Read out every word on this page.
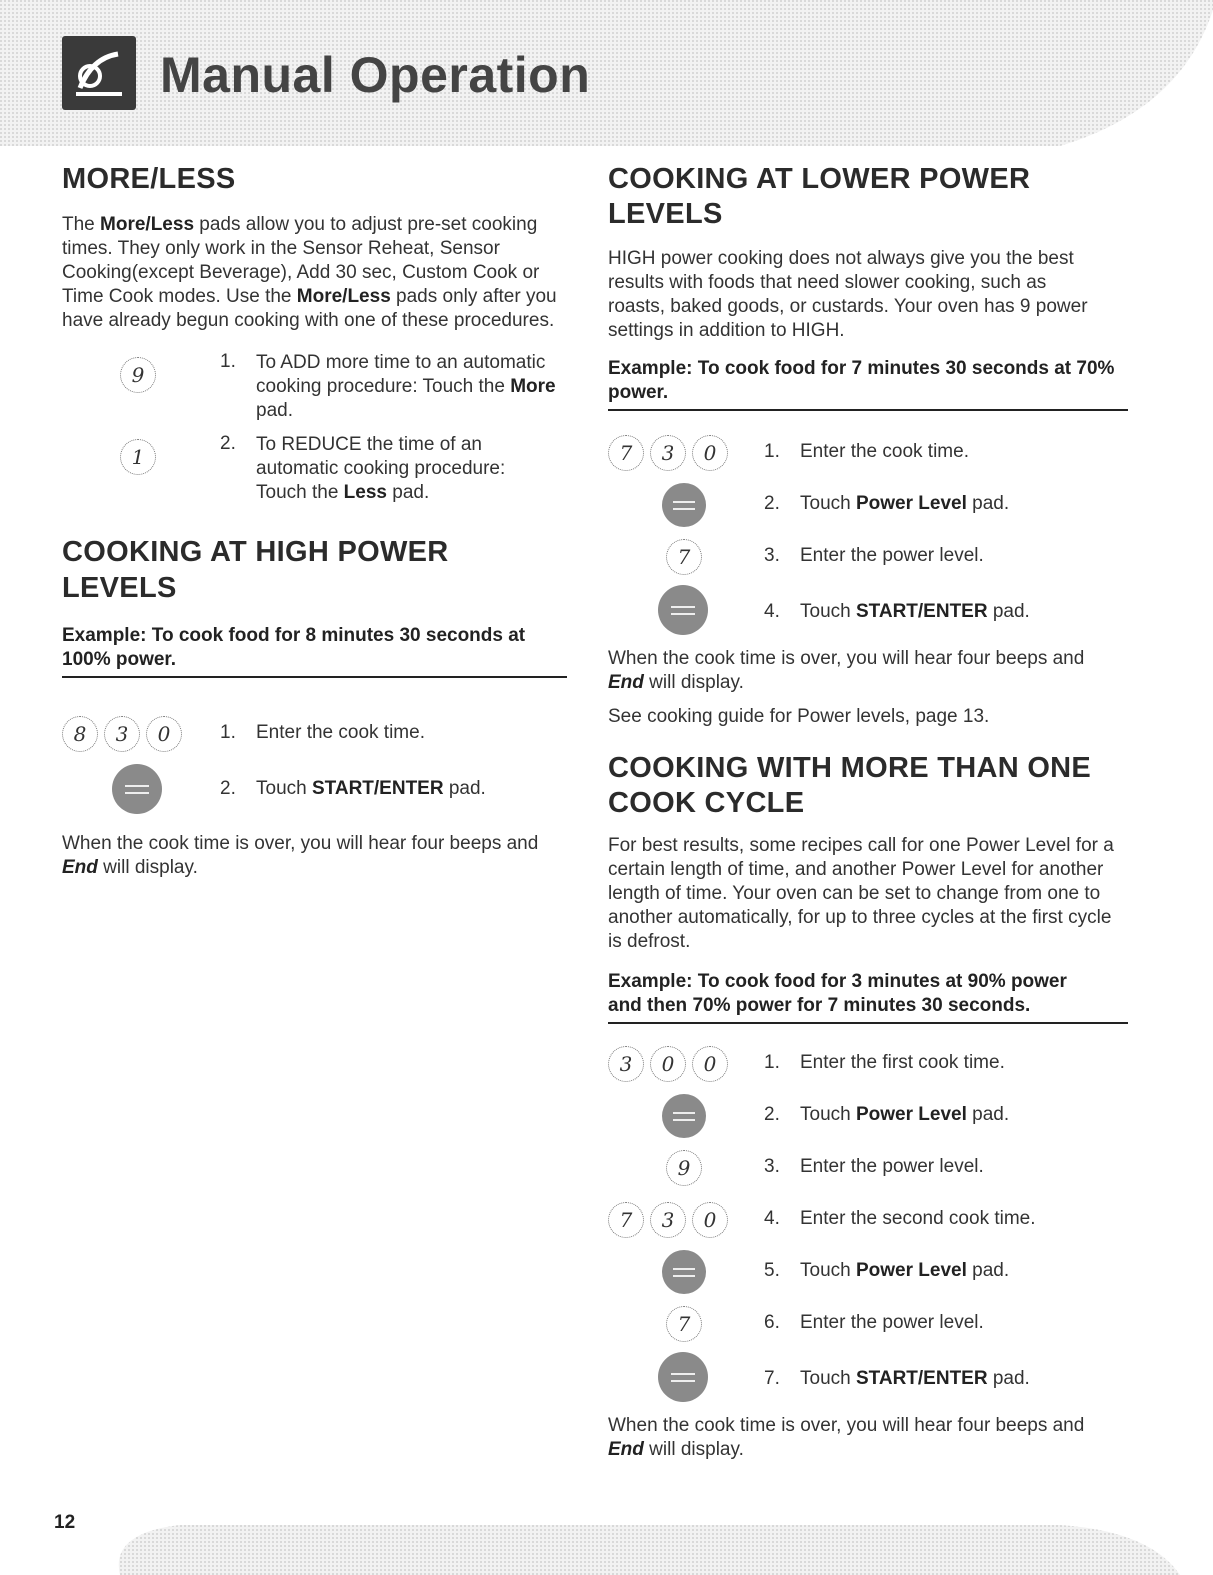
Manual Operation
MORE/LESS

The More/Less pads allow you to adjust pre-set cooking times. They only work in the Sensor Reheat, Sensor Cooking(except Beverage), Add 30 sec, Custom Cook or Time Cook modes. Use the More/Less pads only after you have already begun cooking with one of these procedures.

9
1. To ADD more time to an automatic cooking procedure: Touch the More pad.
1
2. To REDUCE the time of an automatic cooking procedure: Touch the Less pad.
COOKING AT HIGH POWER LEVELS
Example: To cook food for 8 minutes 30 seconds at 100% power.
8	3	0	1. Enter the cook time.
2. Touch START/ENTER pad.

When the cook time is over, you will hear four beeps and End will display.

COOKING AT LOWER POWER LEVELS

HIGH power cooking does not always give you the best results with foods that need slower cooking, such as roasts, baked goods, or custards. Your oven has 9 power settings in addition to HIGH.

Example: To cook food for 7 minutes 30 seconds at 70% power.
7	3	0	1. Enter the cook time.
2. Touch Power Level pad.
7	3. Enter the power level.
4. Touch START/ENTER pad.

When the cook time is over, you will hear four beeps and End will display.

See cooking guide for Power levels, page 13.

COOKING WITH MORE THAN ONE
COOK CYCLE

For best results, some recipes call for one Power Level for a certain length of time, and another Power Level for another length of time. Your oven can be set to change from one to another automatically, for up to three cycles at the first cycle is defrost.

Example: To cook food for 3 minutes at 90% power and then 70% power for 7 minutes 30 seconds.
3	0	0	1. Enter the first cook time.
2. Touch Power Level pad.
9	3. Enter the power level.
7	3	0	4. Enter the second cook time.
5. Touch Power Level pad.
7	6. Enter the power level.
7. Touch START/ENTER pad.

When the cook time is over, you will hear four beeps and End will display.

12
